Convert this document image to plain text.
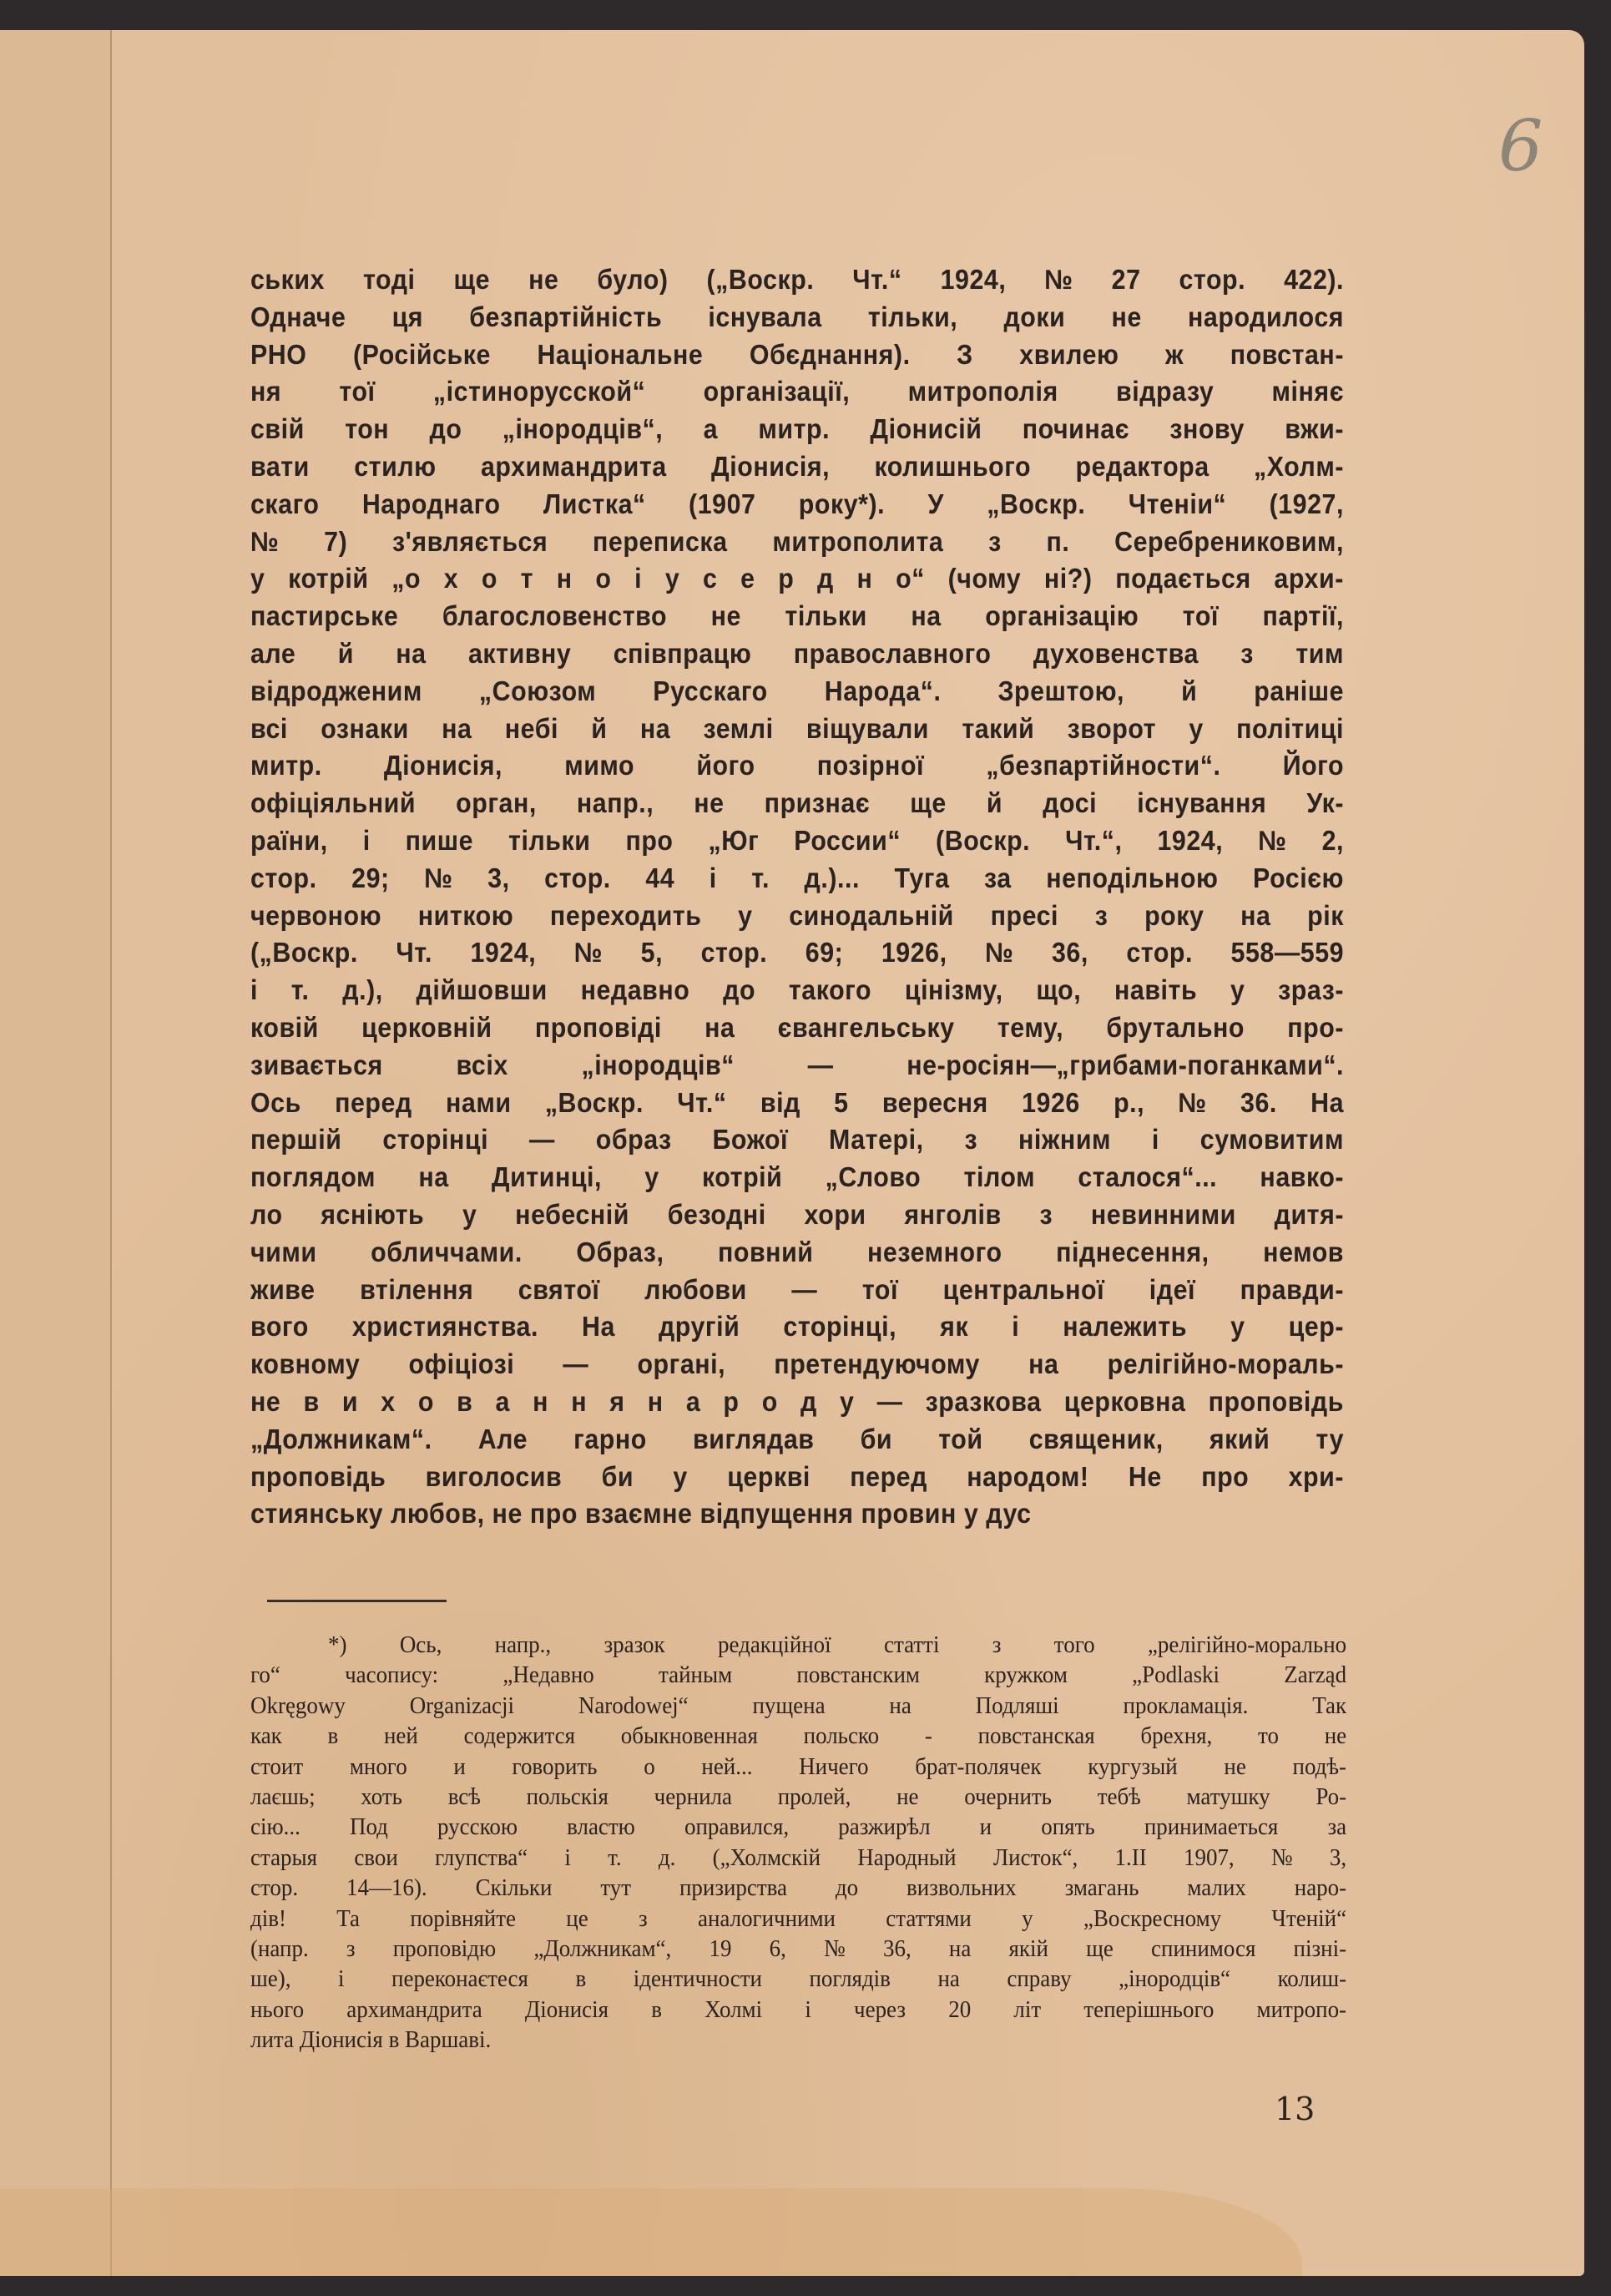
6
ських тоді ще не було) („Воскр. Чт.“ 1924, № 27 стор. 422).
Одначе ця безпартійність існувала тільки, доки не народилося
РНО (Російське Національне Обєднання). З хвилею ж повстан-
ня тої „істинорусской“ організації, митрополія відразу міняє
свій тон до „інородців“, а митр. Діонисій починає знову вжи-
вати стилю архимандрита Діонисія, колишнього редактора „Холм-
скаго Народнаго Листка“ (1907 року*). У „Воскр. Чтеніи“ (1927,
№ 7) з'являється переписка митрополита з п. Серебрениковим,
у котрій „о х о т н о і у с е р д н о“ (чому ні?) подається архи-
пастирське благословенство не тільки на організацію тої партії,
але й на активну співпрацю православного духовенства з тим
відродженим „Союзом Русскаго Народа“. Зрештою, й раніше
всі ознаки на небі й на землі віщували такий зворот у політиці
митр. Діонисія, мимо його позірної „безпартійности“. Його
офіціяльний орган, напр., не признає ще й досі існування Ук-
раїни, і пише тільки про „Юг России“ (Воскр. Чт.“, 1924, № 2,
стор. 29; № 3, стор. 44 і т. д.)... Туга за неподільною Росією
червоною ниткою переходить у синодальній пресі з року на рік
(„Воскр. Чт. 1924, № 5, стор. 69; 1926, № 36, стор. 558—559
і т. д.), дійшовши недавно до такого цінізму, що, навіть у зраз-
ковій церковній проповіді на євангельську тему, брутально про-
зивається	всіх	„інородців“	—	не-росіян—„грибами-поганками“.
Ось перед нами „Воскр. Чт.“ від 5 вересня 1926 р., № 36. На
першій сторінці — образ Божої Матері, з ніжним і сумовитим
поглядом на Дитинці, у котрій „Слово тілом сталося“... навко-
ло яснію‍ть у небесній безодні хори янголів з невинними дитя-
чими обличчами. Образ, повний неземного піднесення, немов
живе втілення святої любови — тої центральної ідеї правди-
вого християнства. На другій сторінці, як і належить у цер-
ковному офіціозі — органі, претендуючому на релігійно-мораль-
не в и х о в а н н я н а р о д у — зразкова церковна проповідь
„Должникам“. Але гарно виглядав би той священик, який ту
проповідь виголосив би у церкві перед народом! Не про хри-
стиянську любов, не про взаємне відпущення провин у дус
*) Ось, напр., зразок редакційної статті з того „релігійно-морально
го“	часопису:	„Недавно	тайным	повстанским	кружком	„Podlaski	Zarząd
Okręgowy	Organizacji	Narodowej“	пущена	на	Подляші	прокламація.	Так
как в ней содержится обыкновенная польско - повстанская брехня, то не
стоит много и говорить о ней... Ничего брат-полячек кургузый не подѣ-
лаєшь; хоть всѣ польскія чернила пролей, не очернить тебѣ матушку Ро-
сію... Под русскою властю оправился, разжирѣл и опять принимаеться за
старыя свои глупства“ і т. д. („Холмскій Народный Листок“, 1.II 1907, № 3,
стор. 14—16). Скільки тут призирства до визвольних змагань малих наро-
дів! Та порівняйте це з аналогичними статтями у „Воскресному Чтеній“
(напр. з проповідю „Должникам“, 19 6, № 36, на якій ще спинимося пізні-
ше), і переконаєтеся в ідентичности поглядів на справу „інородців“ колиш-
нього архимандрита Діонисія в Холмі і через 20 літ теперішнього митропо-
лита Діонисія в Варшаві.
13
